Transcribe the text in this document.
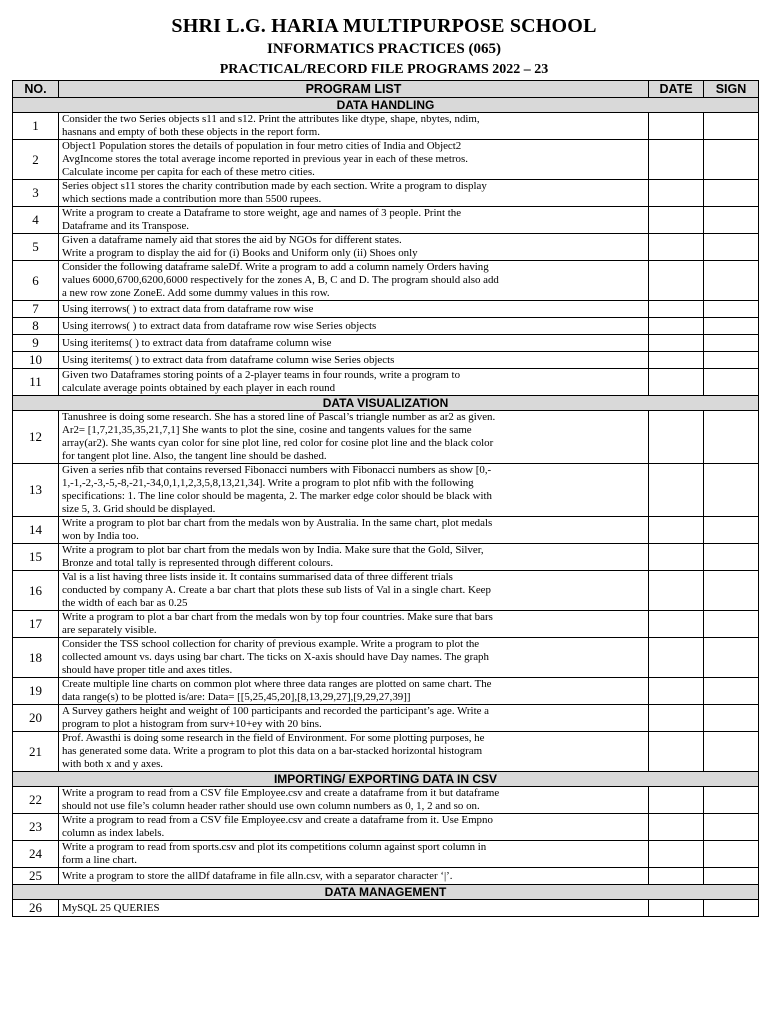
SHRI L.G. HARIA MULTIPURPOSE SCHOOL
INFORMATICS PRACTICES (065)
PRACTICAL/RECORD FILE PROGRAMS 2022 – 23
NO.	PROGRAM LIST	DATE	SIGN
DATA HANDLING			
1	Consider the two Series objects s11 and s12. Print the attributes like dtype, shape, nbytes, ndim,
hasnans and empty of both these objects in the report form.		

2	Object1 Population stores the details of population in four metro cities of India and Object2
AvgIncome stores the total average income reported in previous year in each of these metros.
Calculate income per capita for each of these metro cities.		

3	Series object s11 stores the charity contribution made by each section. Write a program to display
which sections made a contribution more than 5500 rupees.		

4	Write a program to create a Dataframe to store weight, age and names of 3 people. Print the
Dataframe and its Transpose.		

5	Given a dataframe namely aid that stores the aid by NGOs for different states.
Write a program to display the aid for (i) Books and Uniform only (ii) Shoes only		

6	Consider the following dataframe saleDf. Write a program to add a column namely Orders having
values 6000,6700,6200,6000 respectively for the zones A, B, C and D. The program should also add
a new row zone ZoneE. Add some dummy values in this row.		

7	Using iterrows( ) to extract data from dataframe row wise		

8	Using iterrows( ) to extract data from dataframe row wise Series objects		

9	Using iteritems( ) to extract data from dataframe column wise		

10	Using iteritems( ) to extract data from dataframe column wise Series objects		

11	Given two Dataframes storing points of a 2-player teams in four rounds, write a program to
calculate average points obtained by each player in each round		

DATA VISUALIZATION			
12	Tanushree is doing some research. She has a stored line of Pascal’s triangle number as ar2 as given.
Ar2= [1,7,21,35,35,21,7,1] She wants to plot the sine, cosine and tangents values for the same
array(ar2). She wants cyan color for sine plot line, red color for cosine plot line and the black color
for tangent plot line. Also, the tangent line should be dashed.		

13	Given a series nfib that contains reversed Fibonacci numbers with Fibonacci numbers as show [0,-
1,-1,-2,-3,-5,-8,-21,-34,0,1,1,2,3,5,8,13,21,34]. Write a program to plot nfib with the following
specifications: 1. The line color should be magenta, 2. The marker edge color should be black with
size 5, 3. Grid should be displayed.		

14	Write a program to plot bar chart from the medals won by Australia. In the same chart, plot medals
won by India too.		

15	Write a program to plot bar chart from the medals won by India. Make sure that the Gold, Silver,
Bronze and total tally is represented through different colours.		

16	Val is a list having three lists inside it. It contains summarised data of three different trials
conducted by company A. Create a bar chart that plots these sub lists of Val in a single chart. Keep
the width of each bar as 0.25		

17	Write a program to plot a bar chart from the medals won by top four countries. Make sure that bars
are separately visible.		

18	Consider the TSS school collection for charity of previous example. Write a program to plot the
collected amount vs. days using bar chart. The ticks on X-axis should have Day names. The graph
should have proper title and axes titles.		

19	Create multiple line charts on common plot where three data ranges are plotted on same chart. The
data range(s) to be plotted is/are: Data= [[5,25,45,20],[8,13,29,27],[9,29,27,39]]		

20	A Survey gathers height and weight of 100 participants and recorded the participant’s age. Write a
program to plot a histogram from surv+10+ey with 20 bins.		

21	Prof. Awasthi is doing some research in the field of Environment. For some plotting purposes, he
has generated some data. Write a program to plot this data on a bar-stacked horizontal histogram
with both x and y axes.		

IMPORTING/ EXPORTING DATA IN CSV			
22	Write a program to read from a CSV file Employee.csv and create a dataframe from it but dataframe
should not use file’s column header rather should use own column numbers as 0, 1, 2 and so on.		

23	Write a program to read from a CSV file Employee.csv and create a dataframe from it. Use Empno
column as index labels.		

24	Write a program to read from sports.csv and plot its competitions column against sport column in
form a line chart.		

25	Write a program to store the allDf dataframe in file alln.csv, with a separator character ‘|’.		

DATA MANAGEMENT			
26	MySQL 25 QUERIES		
